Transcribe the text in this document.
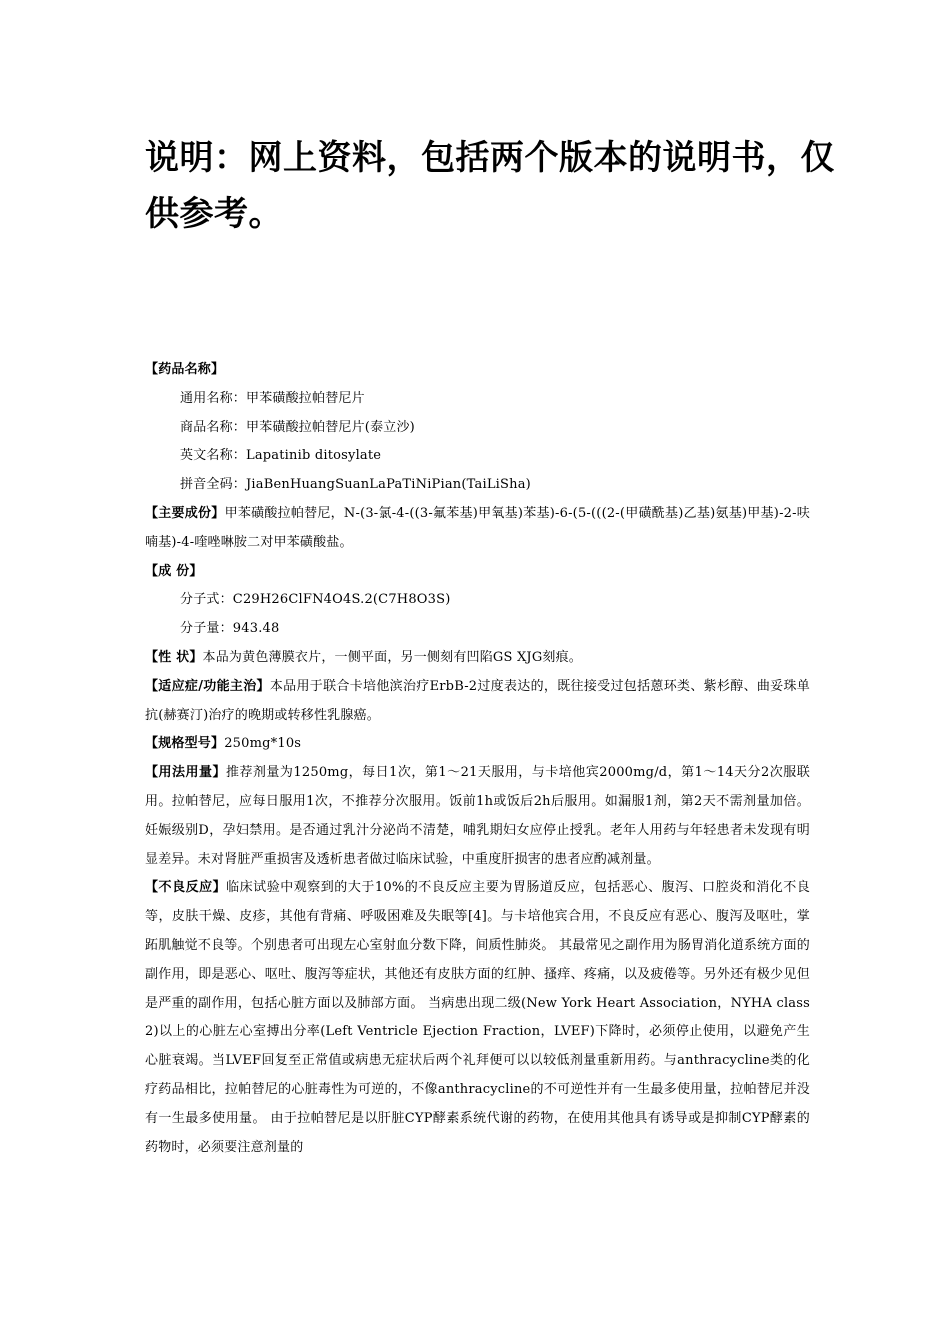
说明：网上资料，包括两个版本的说明书，仅供参考。

【药品名称】

通用名称：甲苯磺酸拉帕替尼片

商品名称：甲苯磺酸拉帕替尼片(泰立沙)

英文名称：Lapatinib ditosylate

拼音全码：JiaBenHuangSuanLaPaTiNiPian(TaiLiSha)

【主要成份】甲苯磺酸拉帕替尼，N-(3-氯-4-((3-氟苯基)甲氧基)苯基)-6-(5-(((2-(甲磺酰基)乙基)氨基)甲基)-2-呋喃基)-4-喹唑啉胺二对甲苯磺酸盐。

【成 份】

分子式：C29H26ClFN4O4S.2(C7H8O3S)

分子量：943.48

【性 状】本品为黄色薄膜衣片，一侧平面，另一侧刻有凹陷GS XJG刻痕。

【适应症/功能主治】本品用于联合卡培他滨治疗ErbB-2过度表达的，既往接受过包括蒽环类、紫杉醇、曲妥珠单抗(赫赛汀)治疗的晚期或转移性乳腺癌。

【规格型号】250mg*10s

【用法用量】推荐剂量为1250mg，每日1次，第1～21天服用，与卡培他宾2000mg/d，第1～14天分2次服联用。拉帕替尼，应每日服用1次，不推荐分次服用。饭前1h或饭后2h后服用。如漏服1剂，第2天不需剂量加倍。妊娠级别D，孕妇禁用。是否通过乳汁分泌尚不清楚，哺乳期妇女应停止授乳。老年人用药与年轻患者未发现有明显差异。未对肾脏严重损害及透析患者做过临床试验，中重度肝损害的患者应酌减剂量。

【不良反应】临床试验中观察到的大于10%的不良反应主要为胃肠道反应，包括恶心、腹泻、口腔炎和消化不良等，皮肤干燥、皮疹，其他有背痛、呼吸困难及失眠等[4]。与卡培他宾合用，不良反应有恶心、腹泻及呕吐，掌跖肌触觉不良等。个别患者可出现左心室射血分数下降，间质性肺炎。 其最常见之副作用为肠胃消化道系统方面的副作用，即是恶心、呕吐、腹泻等症状，其他还有皮肤方面的红肿、搔痒、疼痛，以及疲倦等。另外还有极少见但是严重的副作用，包括心脏方面以及肺部方面。 当病患出现二级(New York Heart Association，NYHA class 2)以上的心脏左心室搏出分率(Left Ventricle Ejection Fraction，LVEF)下降时，必须停止使用，以避免产生心脏衰竭。当LVEF回复至正常值或病患无症状后两个礼拜便可以以较低剂量重新用药。与anthracycline类的化疗药品相比，拉帕替尼的心脏毒性为可逆的，不像anthracycline的不可逆性并有一生最多使用量，拉帕替尼并没有一生最多使用量。 由于拉帕替尼是以肝脏CYP酵素系统代谢的药物，在使用其他具有诱导或是抑制CYP酵素的药物时，必须要注意剂量的
